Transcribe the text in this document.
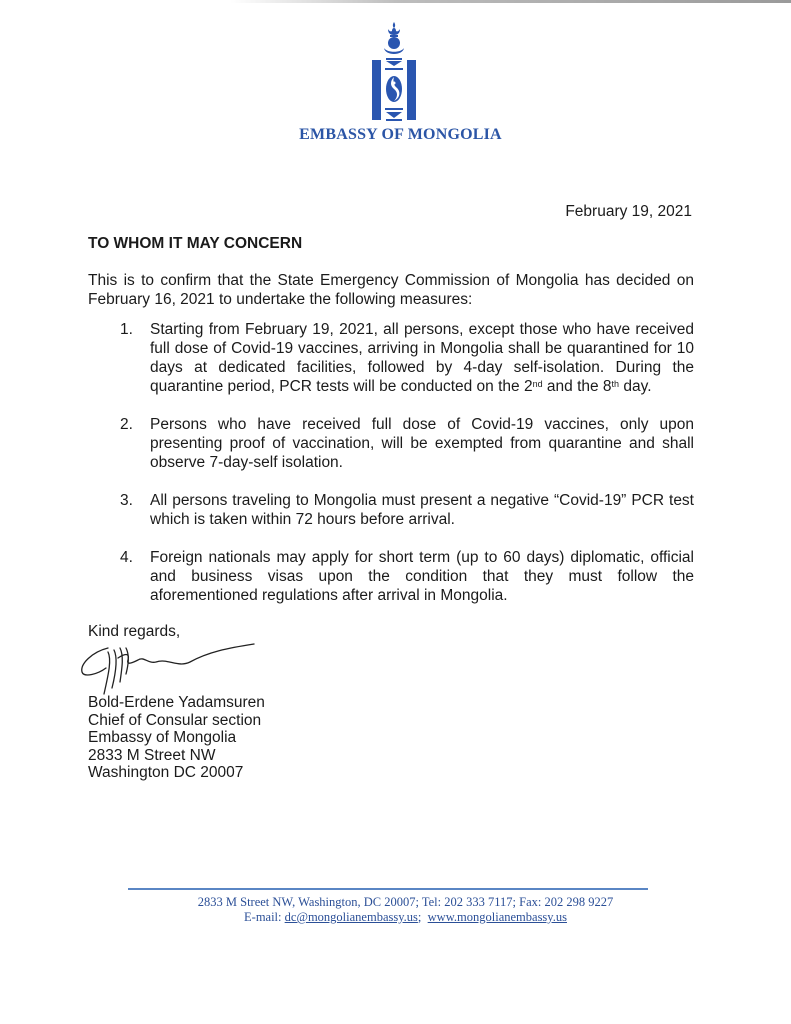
EMBASSY OF MONGOLIA
February 19, 2021
TO WHOM IT MAY CONCERN
This is to confirm that the State Emergency Commission of Mongolia has decided on February 16, 2021 to undertake the following measures:
1.	Starting from February 19, 2021, all persons, except those who have received full dose of Covid-19 vaccines, arriving in Mongolia shall be quarantined for 10 days at dedicated facilities, followed by 4-day self-isolation. During the quarantine period, PCR tests will be conducted on the 2nd and the 8th day.
2.	Persons who have received full dose of Covid-19 vaccines, only upon presenting proof of vaccination, will be exempted from quarantine and shall observe 7-day-self isolation.
3.	All persons traveling to Mongolia must present a negative “Covid-19” PCR test which is taken within 72 hours before arrival.
4.	Foreign nationals may apply for short term (up to 60 days) diplomatic, official and business visas upon the condition that they must follow the aforementioned regulations after arrival in Mongolia.
Kind regards,
Bold-Erdene Yadamsuren
Chief of Consular section
Embassy of Mongolia
2833 M Street NW
Washington DC 20007
2833 M Street NW, Washington, DC 20007; Tel: 202 333 7117; Fax: 202 298 9227
E-mail: dc@mongolianembassy.us;  www.mongolianembassy.us
